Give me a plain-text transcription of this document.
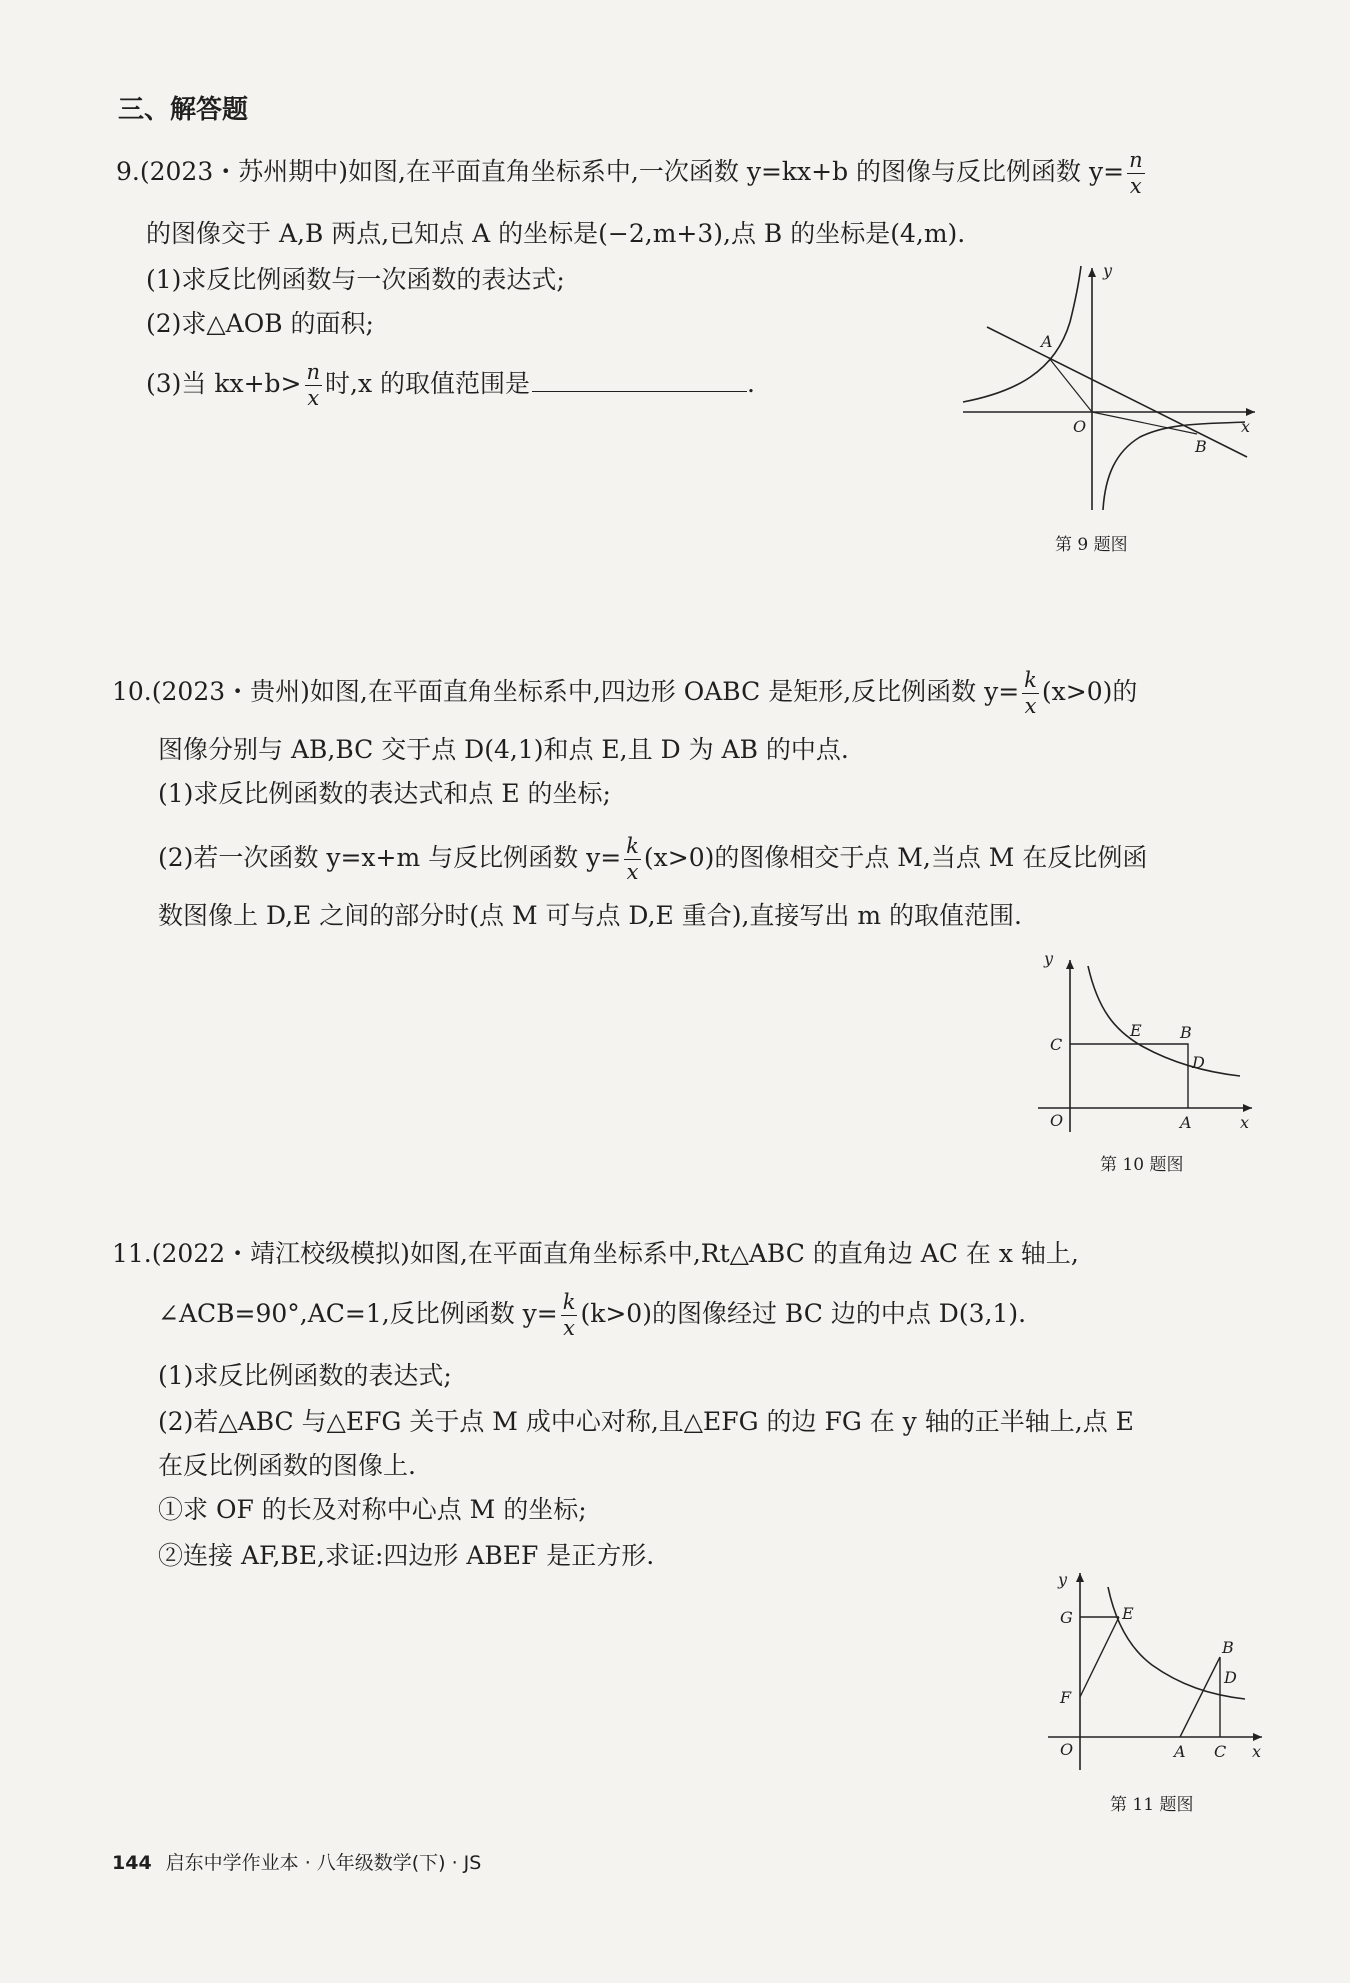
三、解答题
9.(2023・苏州期中)如图,在平面直角坐标系中,一次函数 y=kx+b 的图像与反比例函数 $y= \frac{n}{x}$
的图像交于 A,B 两点,已知点 A 的坐标是(−2,m+3),点 B 的坐标是(4,m).
(1)求反比例函数与一次函数的表达式;
(2)求△AOB 的面积;
(3)当 $kx+b> \frac{n}{x}$ 时,x 的取值范围是	.
y
x
O
A
B
第 9 题图
10.(2023・贵州)如图,在平面直角坐标系中,四边形 OABC 是矩形,反比例函数 $y= \frac{k}{x} (x>0)$的
图像分别与 AB,BC 交于点 D(4,1)和点 E,且 D 为 AB 的中点.
(1)求反比例函数的表达式和点 E 的坐标;
(2)若一次函数 y=x+m 与反比例函数 $y= \frac{k}{x} (x>0)$的图像相交于点 M,当点 M 在反比例函
数图像上 D,E 之间的部分时(点 M 可与点 D,E 重合),直接写出 m 的取值范围.
y
x
O	A
B
C
D
E
第 10 题图
11.(2022・靖江校级模拟)如图,在平面直角坐标系中,Rt△ABC 的直角边 AC 在 x 轴上,
∠ACB=90°,AC=1,反比例函数 $y= \frac{k}{x} (k>0)$的图像经过 BC 边的中点 D(3,1).
(1)求反比例函数的表达式;
(2)若△ABC 与△EFG 关于点 M 成中心对称,且△EFG 的边 FG 在 y 轴的正半轴上,点 E
在反比例函数的图像上.
①求 OF 的长及对称中心点 M 的坐标;
②连接 AF,BE,求证:四边形 ABEF 是正方形.
y
x
O	A
B
C
D
E
F
G
第 11 题图
144 启东中学作业本 · 八年级数学(下) · JS
